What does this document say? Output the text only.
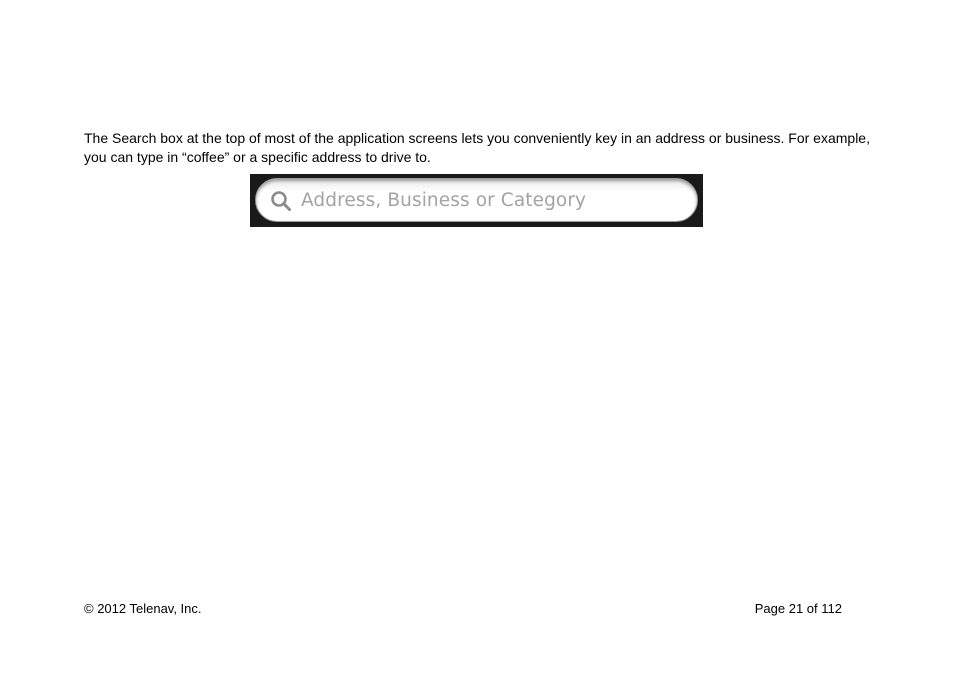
The Search box at the top of most of the application screens lets you conveniently key in an address or business. For example, you can type in “coffee” or a specific address to drive to.

Address, Business or Category
© 2012 Telenav, Inc.	Page 21 of 112
